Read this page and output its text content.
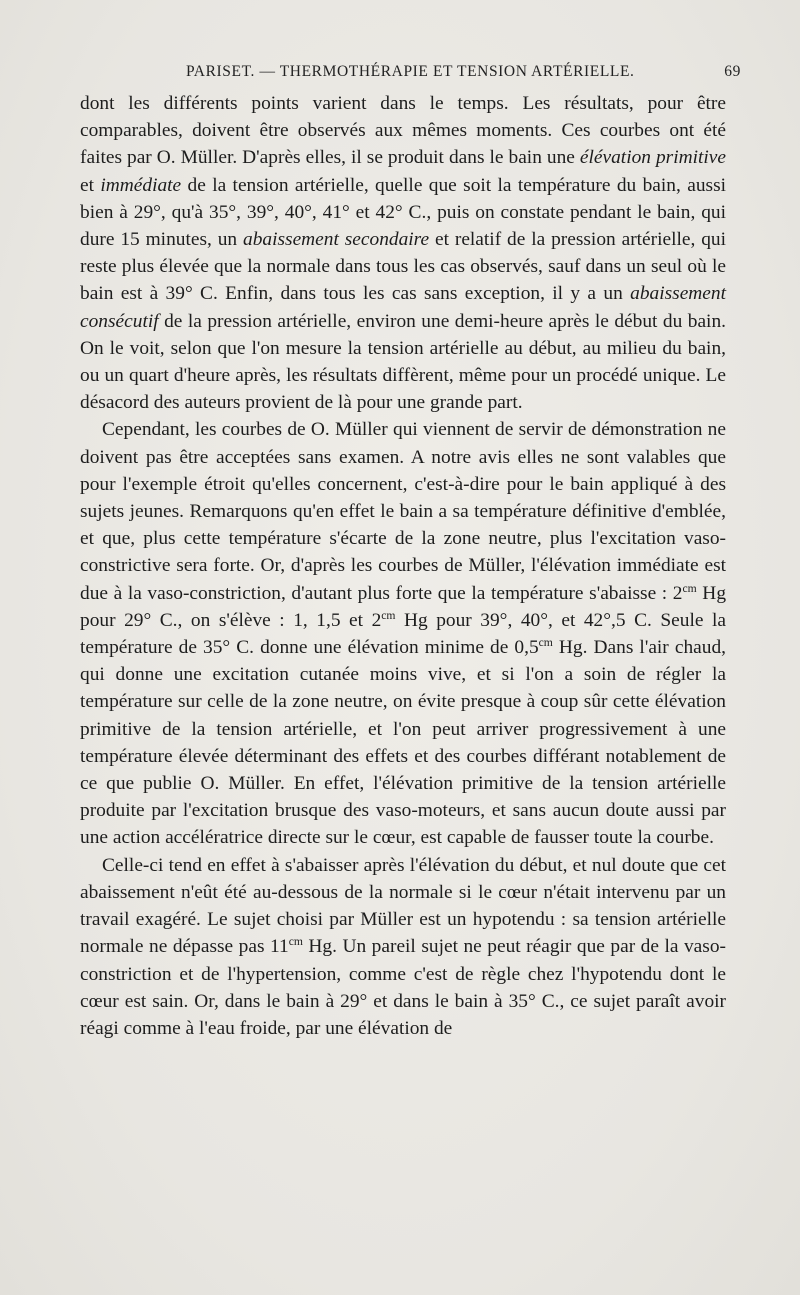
PARISET. — THERMOTHÉRAPIE ET TENSION ARTÉRIELLE.	69

dont les différents points varient dans le temps. Les résultats, pour être comparables, doivent être observés aux mêmes moments. Ces courbes ont été faites par O. Müller. D'après elles, il se produit dans le bain une élévation primitive et immédiate de la tension artérielle, quelle que soit la température du bain, aussi bien à 29°, qu'à 35°, 39°, 40°, 41° et 42° C., puis on constate pendant le bain, qui dure 15 minutes, un abaissement secondaire et relatif de la pression artérielle, qui reste plus élevée que la normale dans tous les cas observés, sauf dans un seul où le bain est à 39° C. Enfin, dans tous les cas sans exception, il y a un abaissement consécutif de la pression artérielle, environ une demi-heure après le début du bain. On le voit, selon que l'on mesure la tension artérielle au début, au milieu du bain, ou un quart d'heure après, les résultats diffèrent, même pour un procédé unique. Le désacord des auteurs provient de là pour une grande part.

Cependant, les courbes de O. Müller qui viennent de servir de démonstration ne doivent pas être acceptées sans examen. A notre avis elles ne sont valables que pour l'exemple étroit qu'elles concernent, c'est-à-dire pour le bain appliqué à des sujets jeunes. Remarquons qu'en effet le bain a sa température définitive d'emblée, et que, plus cette température s'écarte de la zone neutre, plus l'excitation vaso-constrictive sera forte. Or, d'après les courbes de Müller, l'élévation immédiate est due à la vaso-constriction, d'autant plus forte que la température s'abaisse : $2^{cm}$ Hg pour 29° C., on s'élève : 1, 1,5 et $2^{cm}$ Hg pour 39°, 40°, et 42°,5 C. Seule la température de 35° C. donne une élévation minime de $0,5^{cm}$ Hg. Dans l'air chaud, qui donne une excitation cutanée moins vive, et si l'on a soin de régler la température sur celle de la zone neutre, on évite presque à coup sûr cette élévation primitive de la tension artérielle, et l'on peut arriver progressivement à une température élevée déterminant des effets et des courbes différant notablement de ce que publie O. Müller. En effet, l'élévation primitive de la tension artérielle produite par l'excitation brusque des vaso-moteurs, et sans aucun doute aussi par une action accélératrice directe sur le cœur, est capable de fausser toute la courbe.

Celle-ci tend en effet à s'abaisser après l'élévation du début, et nul doute que cet abaissement n'eût été au-dessous de la normale si le cœur n'était intervenu par un travail exagéré. Le sujet choisi par Müller est un hypotendu : sa tension artérielle normale ne dépasse pas $11^{cm}$ Hg. Un pareil sujet ne peut réagir que par de la vaso-constriction et de l'hypertension, comme c'est de règle chez l'hypotendu dont le cœur est sain. Or, dans le bain à 29° et dans le bain à 35° C., ce sujet paraît avoir réagi comme à l'eau froide, par une élévation de
